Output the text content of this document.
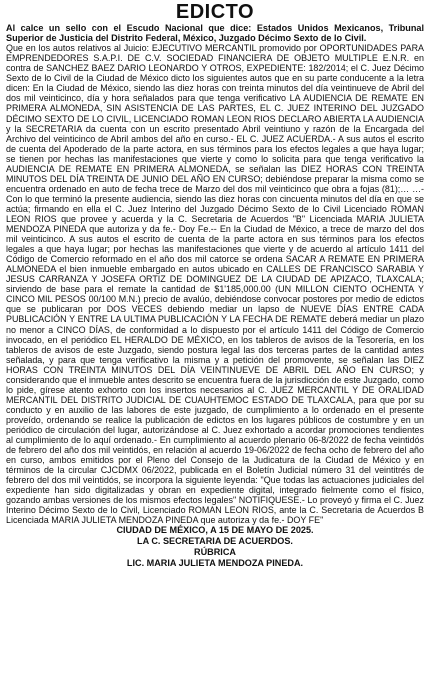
EDICTO

Al calce un sello con el Escudo Nacional que dice: Estados Unidos Mexicanos, Tribunal Superior de Justicia del Distrito Federal, México, Juzgado Décimo Sexto de lo Civil.

Que en los autos relativos al Juicio: EJECUTIVO MERCANTIL promovido por OPORTUNIDADES PARA EMPRENDEDORES S.A.P.I. DE C.V. SOCIEDAD FINANCIERA DE OBJETO MULTIPLE E.N.R. en contra de SANCHEZ BAEZ DARIO LEONARDO Y OTROS, EXPEDIENTE: 182/2014; el C. Juez Décimo Sexto de lo Civil de la Ciudad de México dicto los siguientes autos que en su parte conducente a la letra dicen: En la Ciudad de México, siendo las diez horas con treinta minutos del día veintinueve de Abril del dos mil veinticinco, día y hora señalados para que tenga verificativo LA AUDIENCIA DE REMATE EN PRIMERA ALMONEDA, SIN ASISTENCIA DE LAS PARTES, EL C. JUEZ INTERINO DEL JUZGADO DÉCIMO SEXTO DE LO CIVIL, LICENCIADO ROMAN LEON RIOS DECLARO ABIERTA LA AUDIENCIA y la SECRETARIA da cuenta con un escrito presentado Abril veintiuno y razón de la Encargada del Archivo del veinticinco de Abril ambos del año en curso.- EL C. JUEZ ACUERDA.- A sus autos el escrito de cuenta del Apoderado de la parte actora, en sus términos para los efectos legales a que haya lugar; se tienen por hechas las manifestaciones que vierte y como lo solicita para que tenga verificativo la AUDIENCIA DE REMATE EN PRIMERA ALMONEDA, se señalan las DIEZ HORAS CON TREINTA MINUTOS DEL DÍA TREINTA DE JUNIO DEL AÑO EN CURSO; debiéndose preparar la misma como se encuentra ordenado en auto de fecha trece de Marzo del dos mil veinticinco que obra a fojas (81);… …- Con lo que terminó la presente audiencia, siendo las diez horas con cincuenta minutos del día en que se actúa; firmando en ella el C. Juez Interino del Juzgado Décimo Sexto de lo Civil Licenciado ROMAN LEON RIOS que provee y acuerda y la C. Secretaria de Acuerdos "B" Licenciada MARIA JULIETA MENDOZA PINEDA que autoriza y da fe.- Doy Fe.-- En la Ciudad de México, a trece de marzo del dos mil veinticinco. A sus autos el escrito de cuenta de la parte actora en sus términos para los efectos legales a que haya lugar; por hechas las manifestaciones que vierte y de acuerdo al artículo 1411 del Código de Comercio reformado en el año dos mil catorce se ordena SACAR A REMATE EN PRIMERA ALMONEDA el bien inmueble embargado en autos ubicado en CALLES DE FRANCISCO SARABIA Y JESUS CARRANZA Y JOSEFA ORTIZ DE DOMINGUEZ DE LA CIUDAD DE APIZACO, TLAXCALA; sirviendo de base para el remate la cantidad de $1'185,000.00 (UN MILLON CIENTO OCHENTA Y CINCO MIL PESOS 00/100 M.N.) precio de avalúo, debiéndose convocar postores por medio de edictos que se publicaran por DOS VECES debiendo mediar un lapso de NUEVE DÍAS ENTRE CADA PUBLICACIÓN Y ENTRE LA ULTIMA PUBLICACIÓN Y LA FECHA DE REMATE deberá mediar un plazo no menor a CINCO DÍAS, de conformidad a lo dispuesto por el artículo 1411 del Código de Comercio invocado, en el periódico EL HERALDO DE MÉXICO, en los tableros de avisos de la Tesorería, en los tableros de avisos de este Juzgado, siendo postura legal las dos terceras partes de la cantidad antes señalada, y para que tenga verificativo la misma y a petición del promovente, se señalan las DIEZ HORAS CON TREINTA MINUTOS DEL DÍA VEINTINUEVE DE ABRIL DEL AÑO EN CURSO; y considerando que el inmueble antes descrito se encuentra fuera de la jurisdicción de este Juzgado, como lo pide, gírese atento exhorto con los insertos necesarios al C. JUEZ MERCANTIL Y DE ORALIDAD MERCANTIL DEL DISTRITO JUDICIAL DE CUAUHTEMOC ESTADO DE TLAXCALA, para que por su conducto y en auxilio de las labores de este juzgado, de cumplimiento a lo ordenado en el presente proveído, ordenando se realice la publicación de edictos en los lugares públicos de costumbre y en un periódico de circulación del lugar, autorizándose al C. Juez exhortado a acordar promociones tendientes al cumplimiento de lo aquí ordenado.- En cumplimiento al acuerdo plenario 06-8/2022 de fecha veintidós de febrero del año dos mil veintidós, en relación al acuerdo 19-06/2022 de fecha ocho de febrero del año en curso, ambos emitidos por el Pleno del Consejo de la Judicatura de la Ciudad de México y en términos de la circular CJCDMX 06/2022, publicada en el Boletín Judicial número 31 del veintitrés de febrero del dos mil veintidós, se incorpora la siguiente leyenda: "Que todas las actuaciones judiciales del expediente han sido digitalizadas y obran en expediente digital, integrado fielmente como el físico, gozando ambas versiones de los mismos efectos legales" NOTIFIQUESE.- Lo proveyó y firma el C. Juez Interino Décimo Sexto de lo Civil, Licenciado ROMAN LEON RIOS, ante la C. Secretaria de Acuerdos B Licenciada MARIA JULIETA MENDOZA PINEDA que autoriza y da fe.- DOY FE"

CIUDAD DE MÉXICO, A 15 DE MAYO DE 2025.

LA C. SECRETARIA DE ACUERDOS.

RÚBRICA

LIC. MARIA JULIETA MENDOZA PINEDA.
